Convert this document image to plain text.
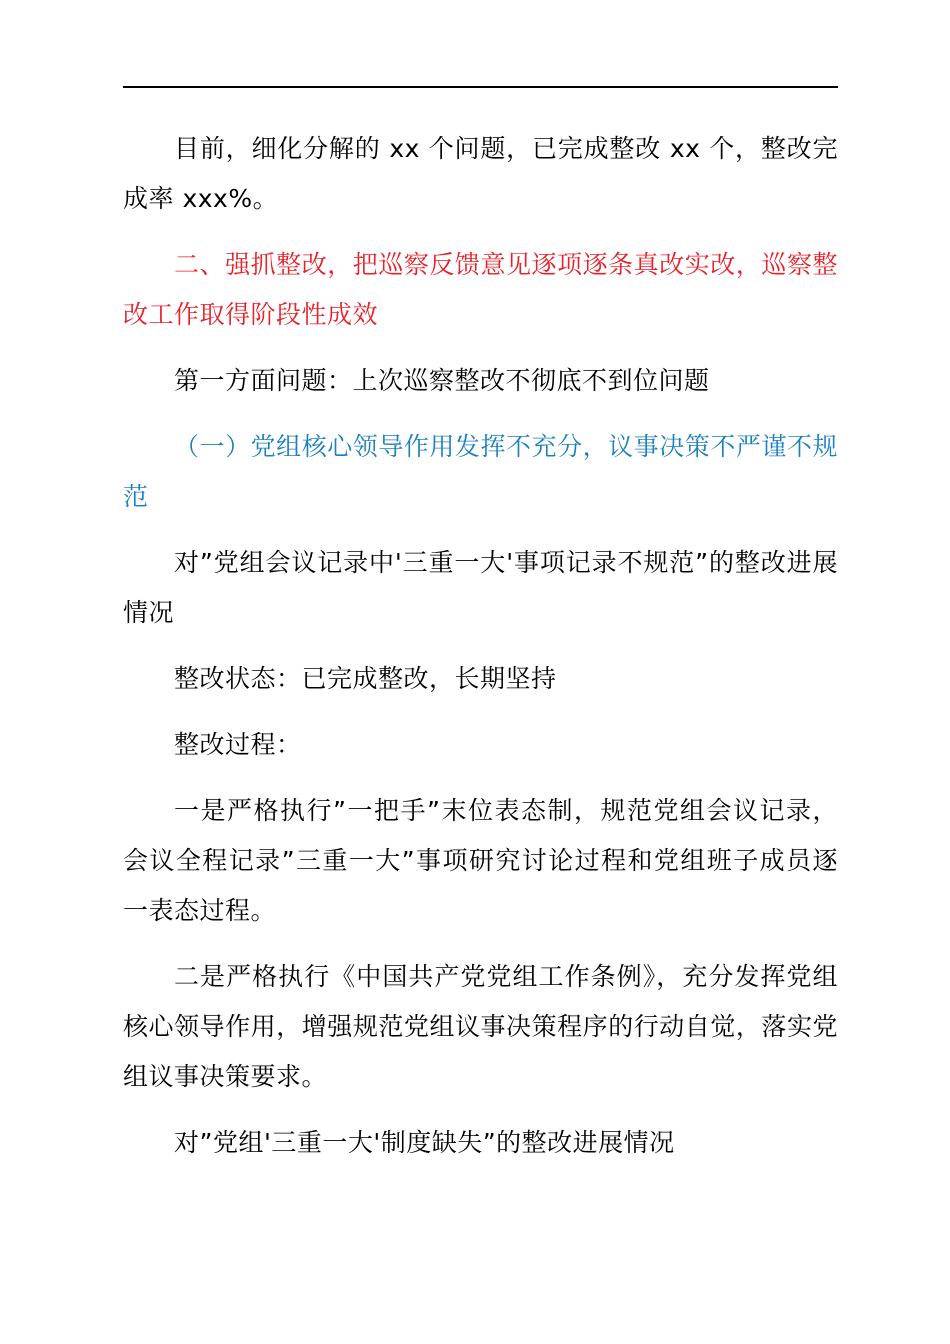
目前，细化分解的 xx 个问题，已完成整改 xx 个，整改完成率 xxx%。

二、强抓整改，把巡察反馈意见逐项逐条真改实改，巡察整改工作取得阶段性成效

第一方面问题：上次巡察整改不彻底不到位问题

（一）党组核心领导作用发挥不充分，议事决策不严谨不规范

对”党组会议记录中'三重一大'事项记录不规范”的整改进展情况

整改状态：已完成整改，长期坚持

整改过程：

一是严格执行”一把手”末位表态制，规范党组会议记录，会议全程记录”三重一大”事项研究讨论过程和党组班子成员逐一表态过程。

二是严格执行《中国共产党党组工作条例》，充分发挥党组核心领导作用，增强规范党组议事决策程序的行动自觉，落实党组议事决策要求。

对”党组'三重一大'制度缺失”的整改进展情况
